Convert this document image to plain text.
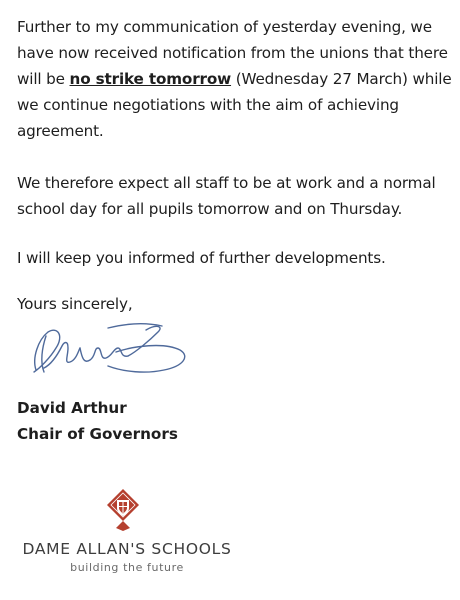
Further to my communication of yesterday evening, we have now received notification from the unions that there will be no strike tomorrow (Wednesday 27 March) while we continue negotiations with the aim of achieving agreement.

We therefore expect all staff to be at work and a normal school day for all pupils tomorrow and on Thursday.

I will keep you informed of further developments.

Yours sincerely,

David Arthur
Chair of Governors
DAME ALLAN'S SCHOOLS
building the future
